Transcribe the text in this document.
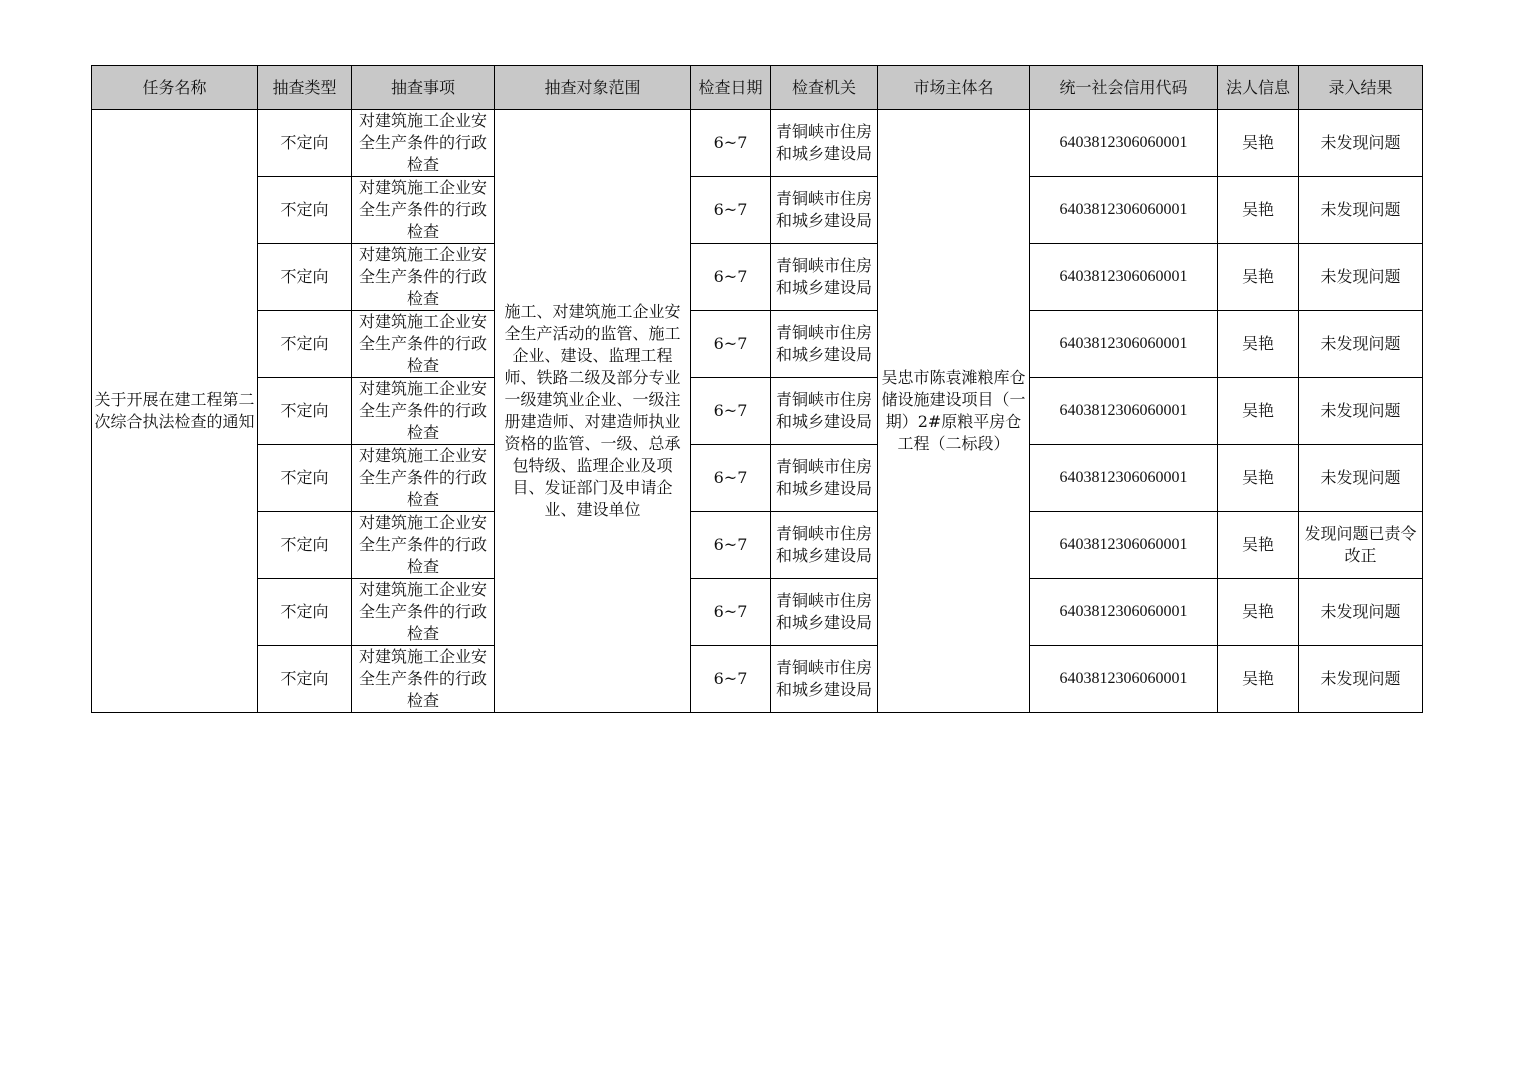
任务名称	抽查类型	抽查事项	抽查对象范围	检查日期	检查机关	市场主体名	统一社会信用代码	法人信息	录入结果
关于开展在建工程第二次综合执法检查的通知	不定向	对建筑施工企业安全生产条件的行政检查	施工、对建筑施工企业安全生产活动的监管、施工企业、建设、监理工程师、铁路二级及部分专业一级建筑业企业、一级注册建造师、对建造师执业资格的监管、一级、总承包特级、监理企业及项目、发证部门及申请企业、建设单位	6~7	青铜峡市住房和城乡建设局	吴忠市陈袁滩粮库仓储设施建设项目（一期）2#原粮平房仓工程（二标段）	6403812306060001	吴艳	未发现问题
	不定向	对建筑施工企业安全生产条件的行政检查		6~7	青铜峡市住房和城乡建设局		6403812306060001	吴艳	未发现问题
	不定向	对建筑施工企业安全生产条件的行政检查		6~7	青铜峡市住房和城乡建设局		6403812306060001	吴艳	未发现问题
	不定向	对建筑施工企业安全生产条件的行政检查		6~7	青铜峡市住房和城乡建设局		6403812306060001	吴艳	未发现问题
	不定向	对建筑施工企业安全生产条件的行政检查		6~7	青铜峡市住房和城乡建设局		6403812306060001	吴艳	未发现问题
	不定向	对建筑施工企业安全生产条件的行政检查		6~7	青铜峡市住房和城乡建设局		6403812306060001	吴艳	未发现问题
	不定向	对建筑施工企业安全生产条件的行政检查		6~7	青铜峡市住房和城乡建设局		6403812306060001	吴艳	发现问题已责令改正
	不定向	对建筑施工企业安全生产条件的行政检查		6~7	青铜峡市住房和城乡建设局		6403812306060001	吴艳	未发现问题
	不定向	对建筑施工企业安全生产条件的行政检查		6~7	青铜峡市住房和城乡建设局		6403812306060001	吴艳	未发现问题
